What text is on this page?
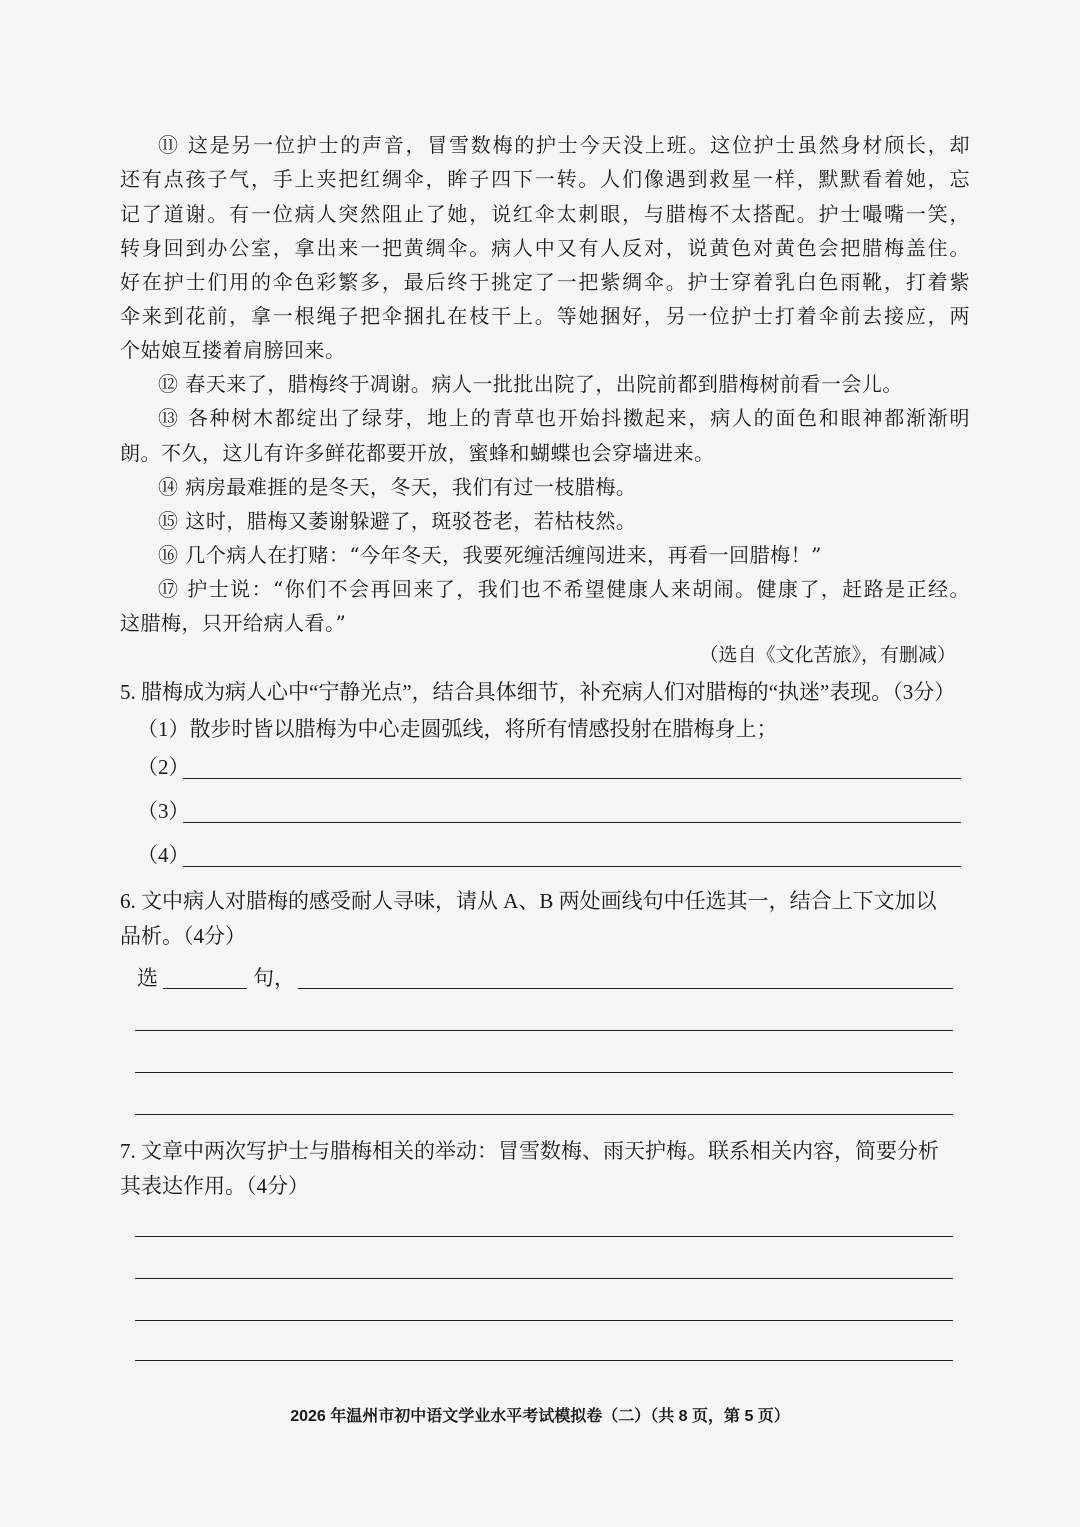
⑪ 这是另一位护士的声音，冒雪数梅的护士今天没上班。这位护士虽然身材颀长，却
还有点孩子气，手上夹把红绸伞，眸子四下一转。人们像遇到救星一样，默默看着她，忘
记了道谢。有一位病人突然阻止了她，说红伞太刺眼，与腊梅不太搭配。护士嘬嘴一笑，
转身回到办公室，拿出来一把黄绸伞。病人中又有人反对，说黄色对黄色会把腊梅盖住。
好在护士们用的伞色彩繁多，最后终于挑定了一把紫绸伞。护士穿着乳白色雨靴，打着紫
伞来到花前，拿一根绳子把伞捆扎在枝干上。等她捆好，另一位护士打着伞前去接应，两
个姑娘互搂着肩膀回来。
⑫ 春天来了，腊梅终于凋谢。病人一批批出院了，出院前都到腊梅树前看一会儿。
⑬ 各种树木都绽出了绿芽，地上的青草也开始抖擞起来，病人的面色和眼神都渐渐明
朗。不久，这儿有许多鲜花都要开放，蜜蜂和蝴蝶也会穿墙进来。
⑭ 病房最难捱的是冬天，冬天，我们有过一枝腊梅。
⑮ 这时，腊梅又萎谢躲避了，斑驳苍老，若枯枝然。
⑯ 几个病人在打赌：“今年冬天，我要死缠活缠闯进来，再看一回腊梅！”
⑰ 护士说：“你们不会再回来了，我们也不希望健康人来胡闹。健康了，赶路是正经。
这腊梅，只开给病人看。”
（选自《文化苦旅》，有删减）
5. 腊梅成为病人心中“宁静光点”，结合具体细节，补充病人们对腊梅的“执迷”表现。（3分）
（1）散步时皆以腊梅为中心走圆弧线，将所有情感投射在腊梅身上；
（2）
（3）
（4）
6. 文中病人对腊梅的感受耐人寻味，请从 A、B 两处画线句中任选其一，结合上下文加以
品析。（4分）
选	句，
7. 文章中两次写护士与腊梅相关的举动：冒雪数梅、雨天护梅。联系相关内容，简要分析
其表达作用。（4分）
2026 年温州市初中语文学业水平考试模拟卷（二）（共 8 页，第 5 页）
